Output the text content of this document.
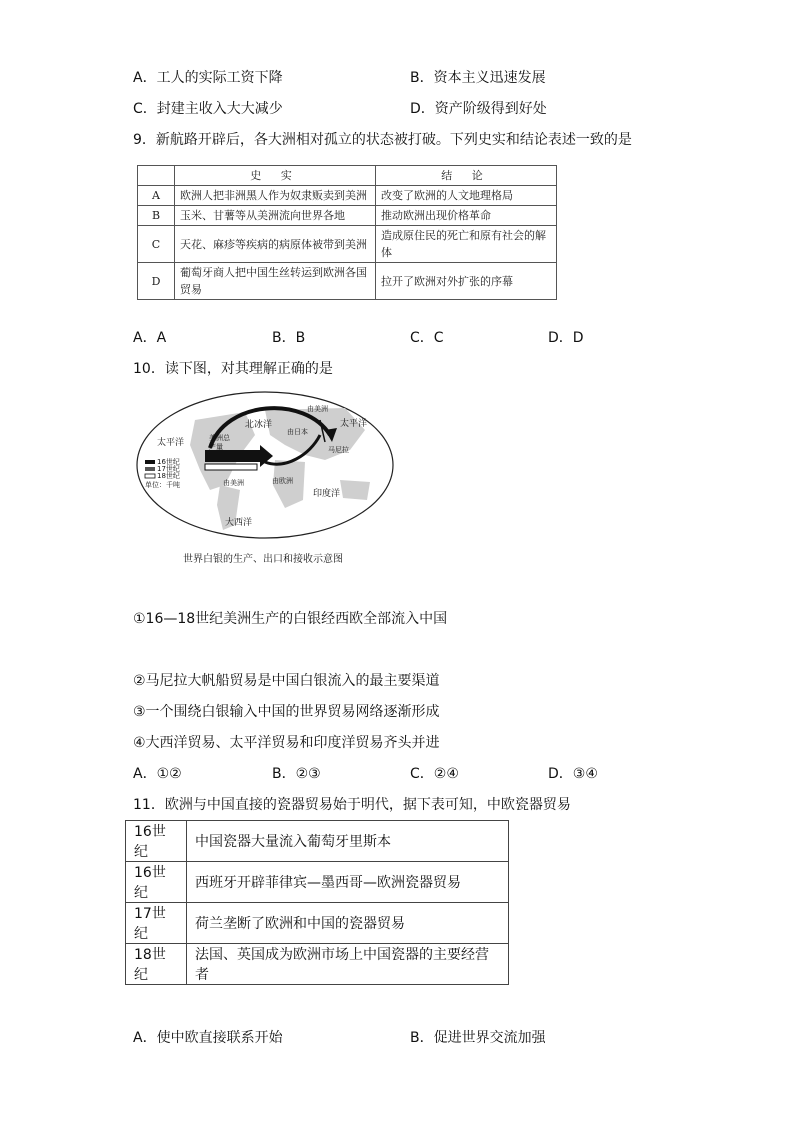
A．工人的实际工资下降	B．资本主义迅速发展
C．封建主收入大大减少	D．资产阶级得到好处
9．新航路开辟后，各大洲相对孤立的状态被打破。下列史实和结论表述一致的是
	史 实	结 论
A	欧洲人把非洲黑人作为奴隶贩卖到美洲	改变了欧洲的人文地理格局
B	玉米、甘薯等从美洲流向世界各地	推动欧洲出现价格革命
C	天花、麻疹等疾病的病原体被带到美洲	造成原住民的死亡和原有社会的解体
D	葡萄牙商人把中国生丝转运到欧洲各国贸易	拉开了欧洲对外扩张的序幕
A．A	B．B	C．C	D．D
10．读下图，对其理解正确的是
太平洋
太平洋
北冰洋
大西洋
印度洋
美洲总产量
由日本
由美洲
由美洲	由欧洲
马尼拉
16世纪
17世纪
18世纪
单位：千吨
世界白银的生产、出口和接收示意图
①16—18世纪美洲生产的白银经西欧全部流入中国
②马尼拉大帆船贸易是中国白银流入的最主要渠道
③一个围绕白银输入中国的世界贸易网络逐渐形成
④大西洋贸易、太平洋贸易和印度洋贸易齐头并进
A．①②	B．②③	C．②④	D．③④
11．欧洲与中国直接的瓷器贸易始于明代，据下表可知，中欧瓷器贸易
16世纪	中国瓷器大量流入葡萄牙里斯本
16世纪	西班牙开辟菲律宾—墨西哥—欧洲瓷器贸易
17世纪	荷兰垄断了欧洲和中国的瓷器贸易
18世纪	法国、英国成为欧洲市场上中国瓷器的主要经营者
A．使中欧直接联系开始	B．促进世界交流加强
